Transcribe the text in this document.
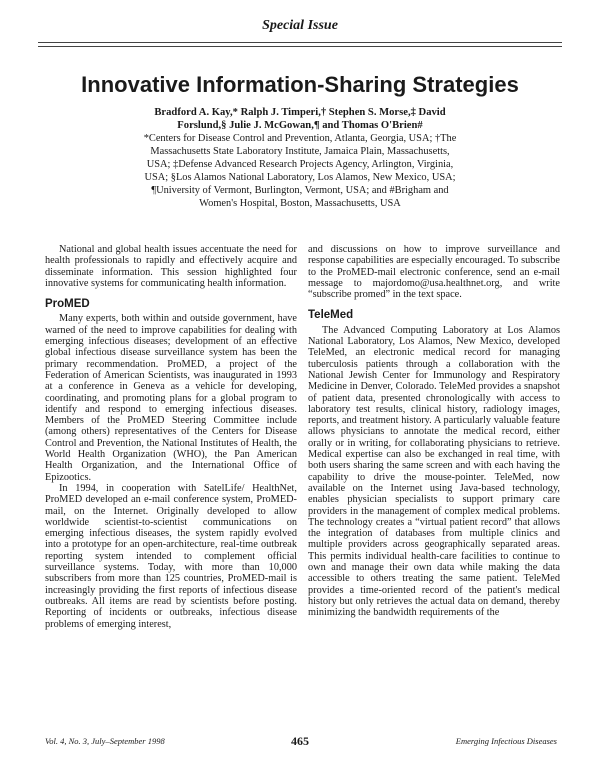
Special Issue
Innovative Information-Sharing Strategies
Bradford A. Kay,* Ralph J. Timperi,† Stephen S. Morse,‡ David
Forslund,§ Julie J. McGowan,¶ and Thomas O'Brien#
*Centers for Disease Control and Prevention, Atlanta, Georgia, USA; †The
Massachusetts State Laboratory Institute, Jamaica Plain, Massachusetts,
USA; ‡Defense Advanced Research Projects Agency, Arlington, Virginia,
USA; §Los Alamos National Laboratory, Los Alamos, New Mexico, USA;
¶University of Vermont, Burlington, Vermont, USA; and #Brigham and
Women's Hospital, Boston, Massachusetts, USA

National and global health issues accentuate the need for health professionals to rapidly and effectively acquire and disseminate information. This session highlighted four innovative systems for communicating health information.

ProMED

Many experts, both within and outside government, have warned of the need to improve capabilities for dealing with emerging infectious diseases; development of an effective global infectious disease surveillance system has been the primary recommendation. ProMED, a project of the Federation of American Scientists, was inaugurated in 1993 at a conference in Geneva as a vehicle for developing, coordinating, and promoting plans for a global program to identify and respond to emerging infectious diseases. Members of the ProMED Steering Committee include (among others) representatives of the Centers for Disease Control and Prevention, the National Institutes of Health, the World Health Organization (WHO), the Pan American Health Organization, and the International Office of Epizootics.

In 1994, in cooperation with SatelLife/ HealthNet, ProMED developed an e-mail conference system, ProMED-mail, on the Internet. Originally developed to allow worldwide scientist-to-scientist communications on emerging infectious diseases, the system rapidly evolved into a prototype for an open-architecture, real-time outbreak reporting system intended to complement official surveillance systems. Today, with more than 10,000 subscribers from more than 125 countries, ProMED-mail is increasingly providing the first reports of infectious disease outbreaks. All items are read by scientists before posting. Reporting of incidents or outbreaks, infectious disease problems of emerging interest,

and discussions on how to improve surveillance and response capabilities are especially encouraged. To subscribe to the ProMED-mail electronic conference, send an e-mail message to majordomo@usa.healthnet.org, and write “subscribe promed” in the text space.

TeleMed

The Advanced Computing Laboratory at Los Alamos National Laboratory, Los Alamos, New Mexico, developed TeleMed, an electronic medical record for managing tuberculosis patients through a collaboration with the National Jewish Center for Immunology and Respiratory Medicine in Denver, Colorado. TeleMed provides a snapshot of patient data, presented chronologically with access to laboratory test results, clinical history, radiology images, reports, and treatment history. A particularly valuable feature allows physicians to annotate the medical record, either orally or in writing, for collaborating physicians to retrieve. Medical expertise can also be exchanged in real time, with both users sharing the same screen and with each having the capability to drive the mouse-pointer. TeleMed, now available on the Internet using Java-based technology, enables physician specialists to support primary care providers in the management of complex medical problems. The technology creates a “virtual patient record” that allows the integration of databases from multiple clinics and multiple providers across geographically separated areas. This permits individual health-care facilities to continue to own and manage their own data while making the data accessible to others treating the same patient. TeleMed provides a time-oriented record of the patient's medical history but only retrieves the actual data on demand, thereby minimizing the bandwidth requirements of the

Vol. 4, No. 3, July–September 1998	465	Emerging Infectious Diseases
